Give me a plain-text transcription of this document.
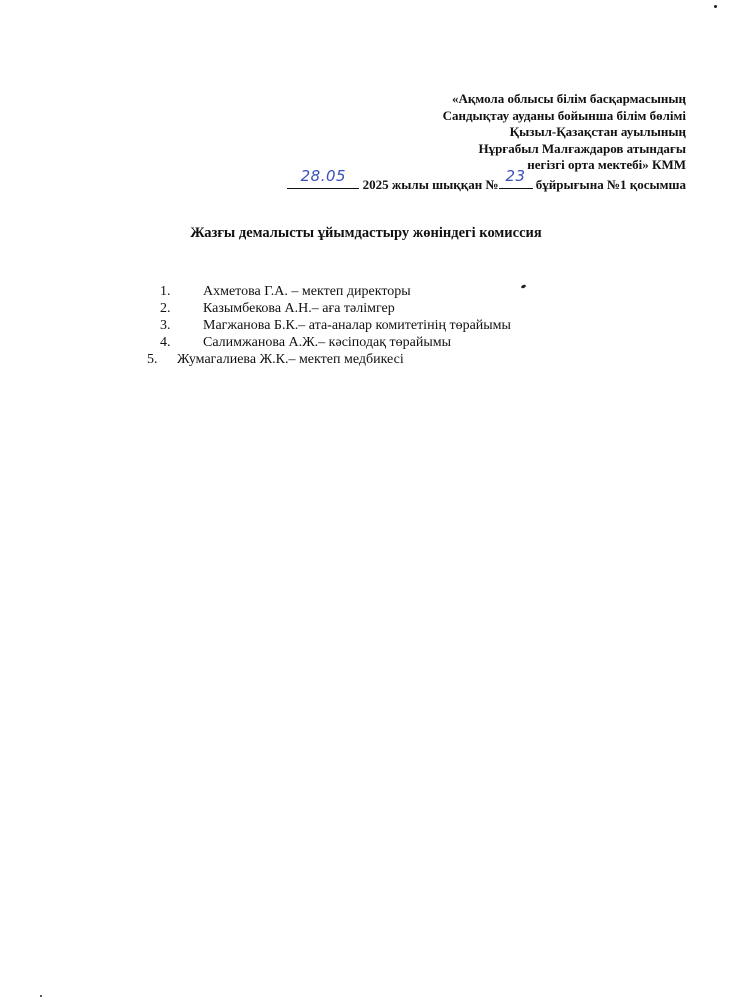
«Ақмола облысы білім басқармасының
Сандықтау ауданы бойынша білім бөлімі
Қызыл-Қазақстан ауылының
Нұрғабыл Малғаждаров атындағы
негізгі орта мектебі» КММ
28.05	2025 жылы шыққан № 23 бұйрығына №1 қосымша
Жазғы демалысты ұйымдастыру жөніндегі комиссия
1. Ахметова Г.А. – мектеп директоры
2. Казымбекова А.Н.– аға тәлімгер
3. Магжанова Б.К.– ата-аналар комитетінің төрайымы
4. Салимжанова А.Ж.– кәсіподақ төрайымы
5. Жумагалиева Ж.К.– мектеп медбикесі
